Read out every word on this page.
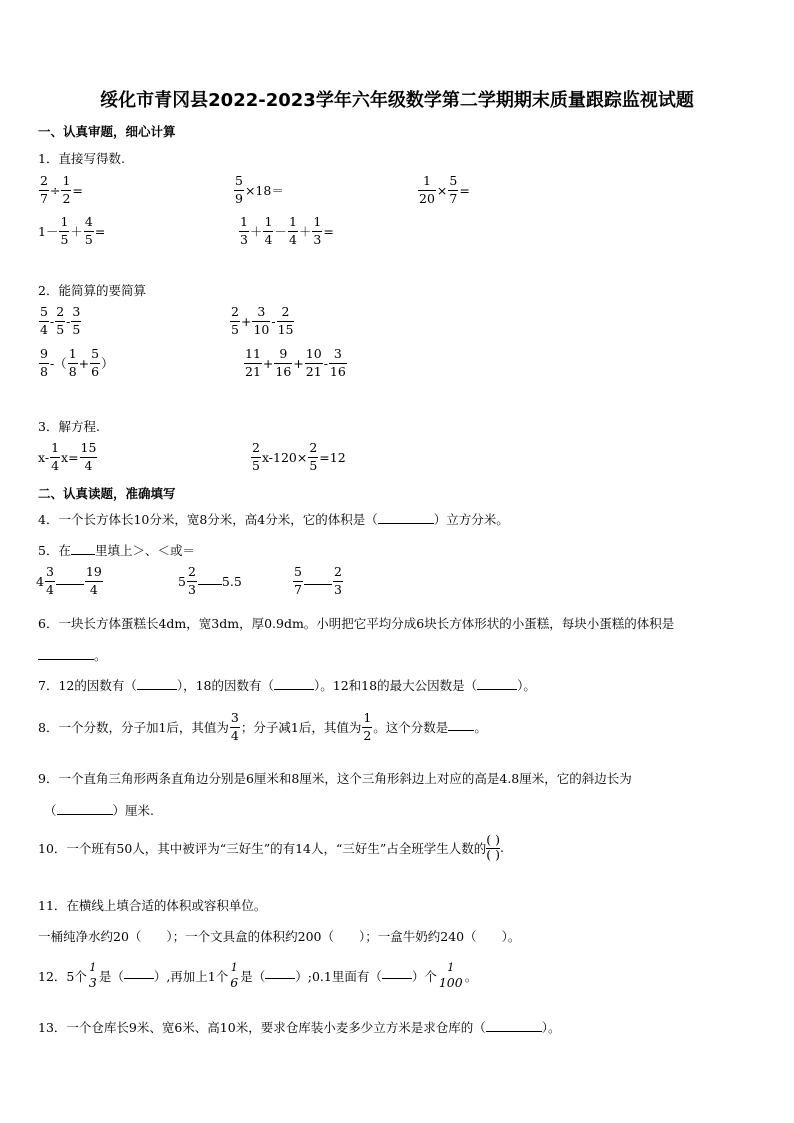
绥化市青冈县2022-2023学年六年级数学第二学期期末质量跟踪监视试题
一、认真审题，细心计算
1．直接写得数.
$\frac{2}{7} \div \frac{1}{2}$ =	$\frac{5}{9} \times 18=$	$\frac{1}{20} \times \frac{5}{7}$ =
$1- \frac{1}{5} + \frac{4}{5}$ =	$\frac{1}{3} + \frac{1}{4} - \frac{1}{4} + \frac{1}{3}$ =
2．能简算的要简算
$\frac{5}{4} - \frac{2}{5} - \frac{3}{5}$	$\frac{2}{5} + \frac{3}{10} - \frac{2}{15}$
$\frac{9}{8}$ -（ $\frac{1}{8} + \frac{5}{6}$ ）	$\frac{11}{21} + \frac{9}{16} + \frac{10}{21} - \frac{3}{16}$
3．解方程.
$x- \frac{1}{4} x= \frac{15}{4}$	$\frac{2}{5} x-120\times \frac{2}{5} =12$
二、认真读题，准确填写
4．一个长方体长10分米，宽8分米，高4分米，它的体积是（	）立方分米。
5．在 里填上＞、＜或＝
$4 \frac{3}{4} \frac{19}{4}$	$5 \frac{2}{3} 5.5$	$\frac{5}{7} \frac{2}{3}$
6．一块长方体蛋糕长4dm，宽3dm，厚0.9dm。小明把它平均分成6块长方体形状的小蛋糕，每块小蛋糕的体积是
。
7．12的因数有（	），18的因数有（	）。12和18的最大公因数是（	）。
8．一个分数，分子加1后，其值为 $\frac{3}{4}$ ；分子减1后，其值为 $\frac{1}{2}$ 。这个分数是 。
9．一个直角三角形两条直角边分别是6厘米和8厘米，这个三角形斜边上对应的高是4.8厘米，它的斜边长为
（	）厘米.
10．一个班有50人，其中被评为“三好生”的有14人，“三好生”占全班学生人数的
( )
( ) .
11．在横线上填合适的体积或容积单位。
一桶纯净水约20（　　）；一个文具盒的体积约200（　　）；一盒牛奶约240（　　）。
12．5个
1
3 是（ ）,再加上1个
1
6 是（ ）;0.1里面有（ ）个
1
100 。
13．一个仓库长9米、宽6米、高10米，要求仓库装小麦多少立方米是求仓库的（	）。
